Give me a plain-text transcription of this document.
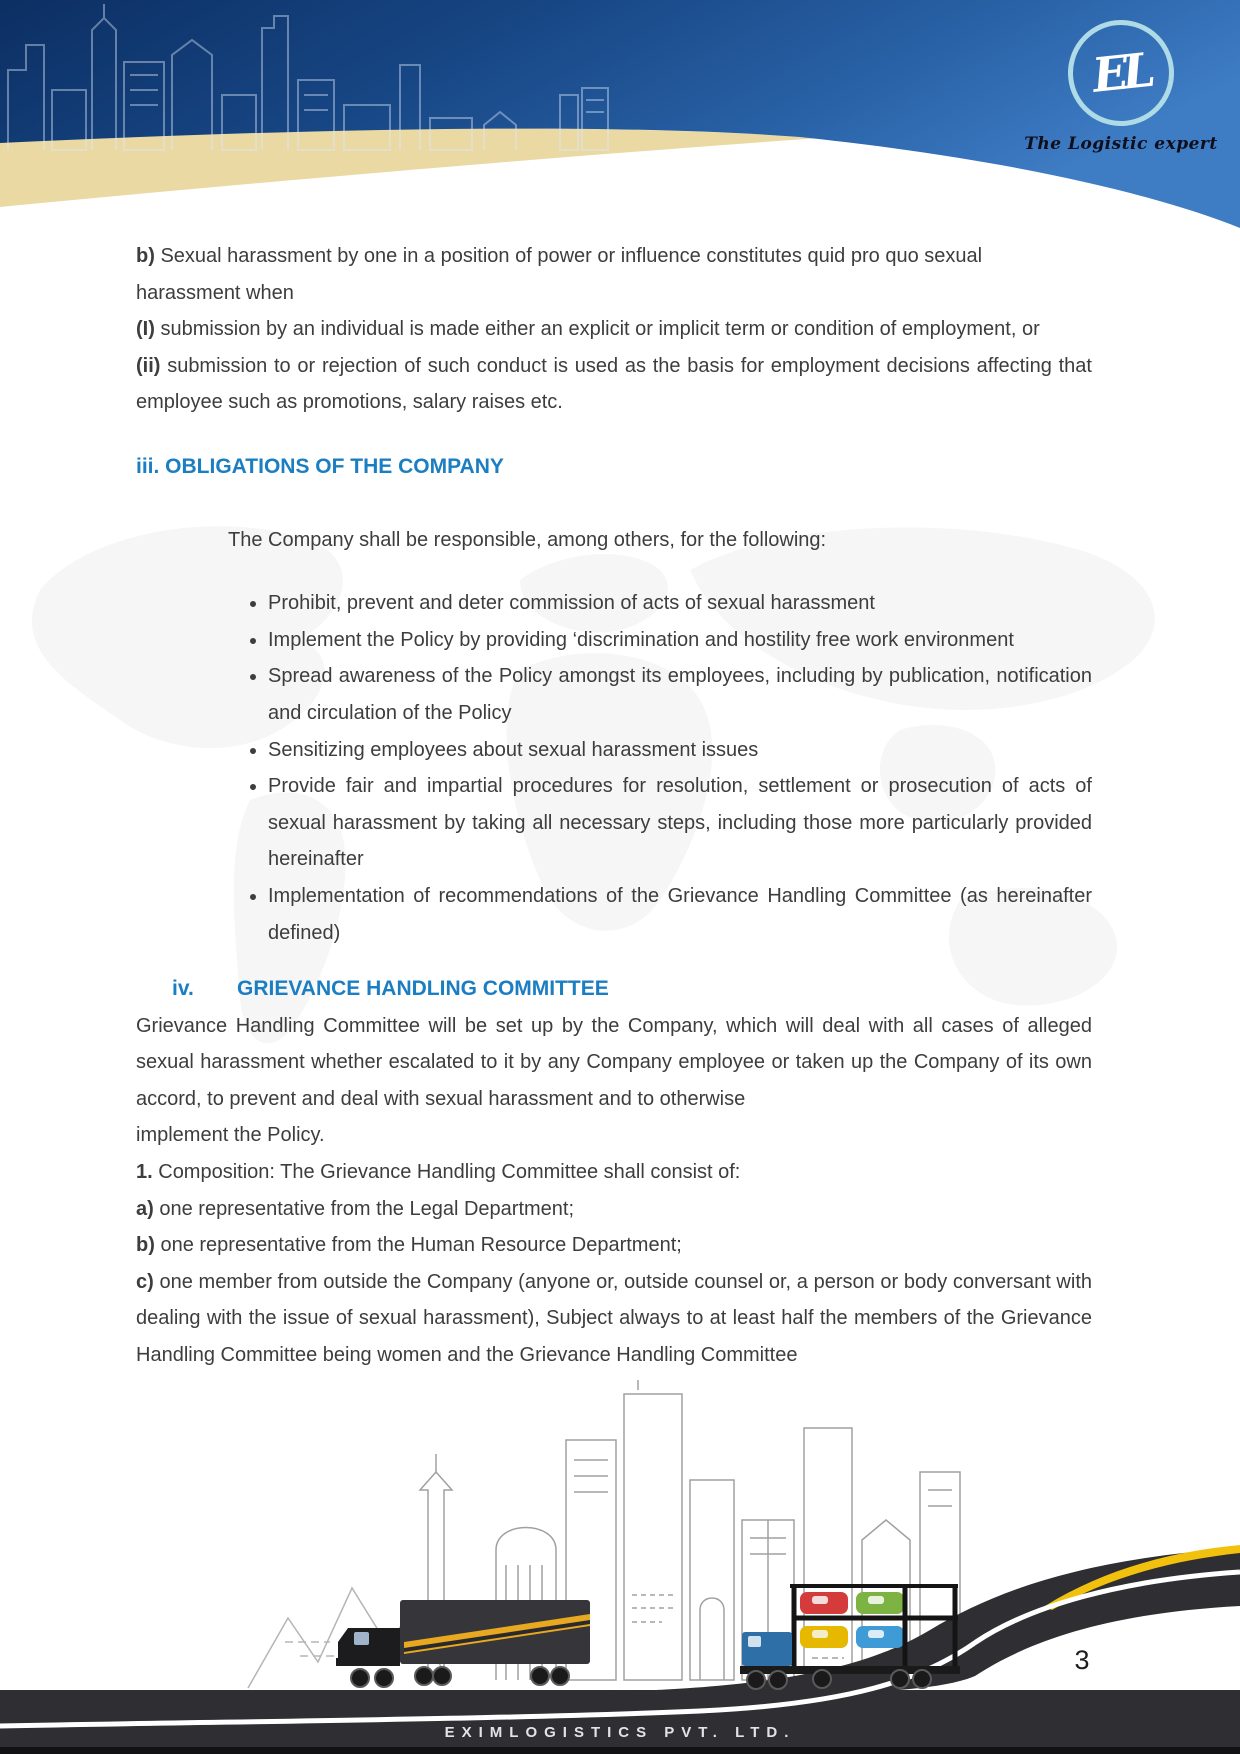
EL
The Logistic expert

b) Sexual harassment by one in a position of power or influence constitutes quid pro quo sexual harassment when

(I) submission by an individual is made either an explicit or implicit term or condition of employment, or

(ii) submission to or rejection of such conduct is used as the basis for employment decisions affecting that employee such as promotions, salary raises etc.

iii. OBLIGATIONS OF THE COMPANY

The Company shall be responsible, among others, for the following:

• Prohibit, prevent and deter commission of acts of sexual harassment
• Implement the Policy by providing ‘discrimination and hostility free work environment
• Spread awareness of the Policy amongst its employees, including by publication, notification and circulation of the Policy
• Sensitizing employees about sexual harassment issues
• Provide fair and impartial procedures for resolution, settlement or prosecution of acts of sexual harassment by taking all necessary steps, including those more particularly provided hereinafter
• Implementation of recommendations of the Grievance Handling Committee (as hereinafter defined)
iv. GRIEVANCE HANDLING COMMITTEE

Grievance Handling Committee will be set up by the Company, which will deal with all cases of alleged sexual harassment whether escalated to it by any Company employee or taken up the Company of its own accord, to prevent and deal with sexual harassment and to otherwise

implement the Policy.

1. Composition: The Grievance Handling Committee shall consist of:

a) one representative from the Legal Department;

b) one representative from the Human Resource Department;

c) one member from outside the Company (anyone or, outside counsel or, a person or body conversant with dealing with the issue of sexual harassment), Subject always to at least half the members of the Grievance Handling Committee being women and the Grievance Handling Committee

3
EXIMLOGISTICS PVT. LTD.
